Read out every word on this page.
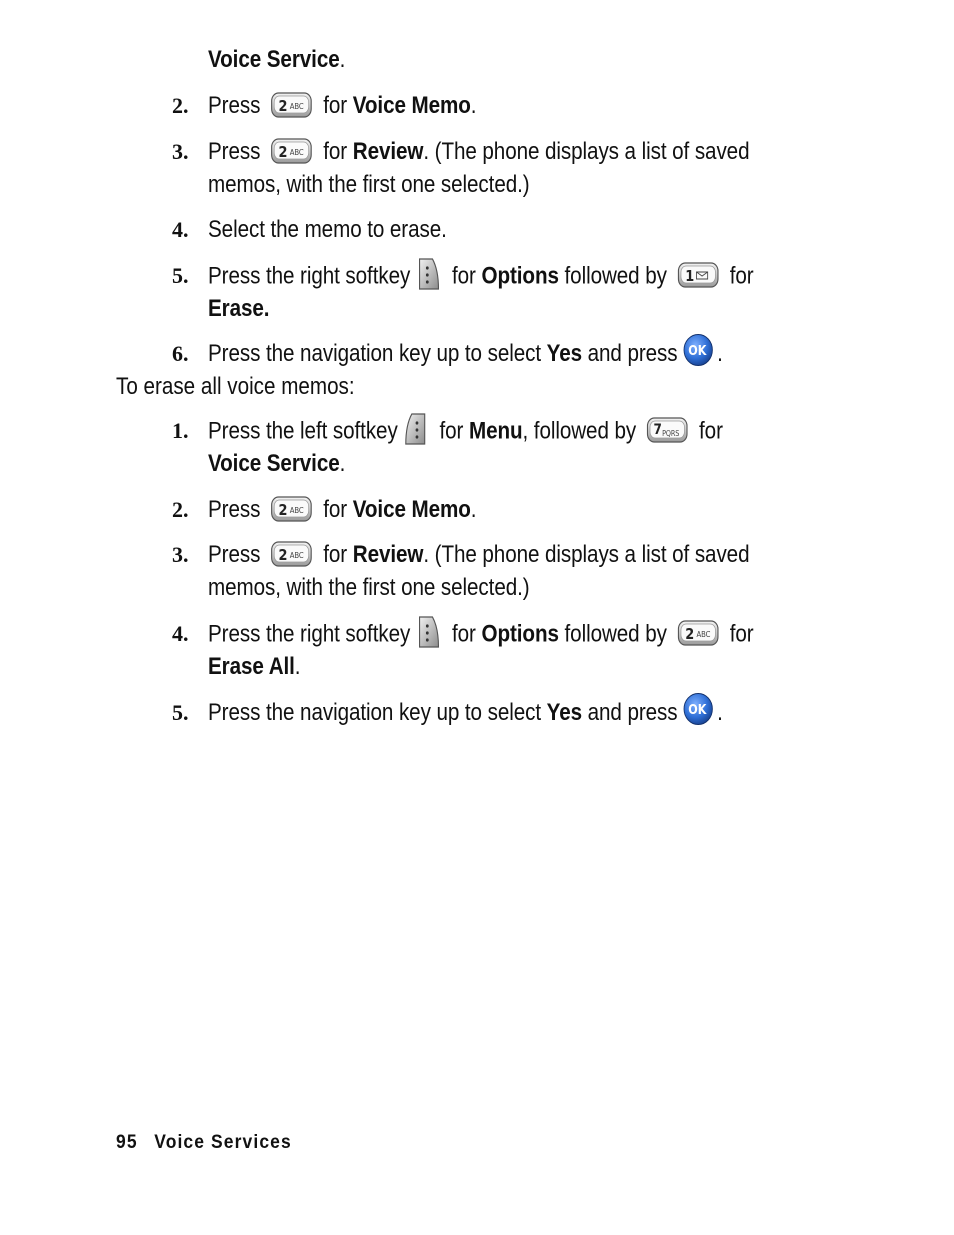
Voice Service.
2. Press 2 ABC for Voice Memo.
3. Press 2 ABC for Review. (The phone displays a list of saved
memos, with the first one selected.)
4. Select the memo to erase.
5. Press the right softkey for Options followed by 1 for
Erase.
6. Press the navigation key up to select Yes and press OK .
To erase all voice memos:
1. Press the left softkey for Menu, followed by 7 PQRS for
Voice Service.
2. Press 2 ABC for Voice Memo.
3. Press 2 ABC for Review. (The phone displays a list of saved
memos, with the first one selected.)
4. Press the right softkey for Options followed by 2 ABC for
Erase All.
5. Press the navigation key up to select Yes and press OK .
95 Voice Services
